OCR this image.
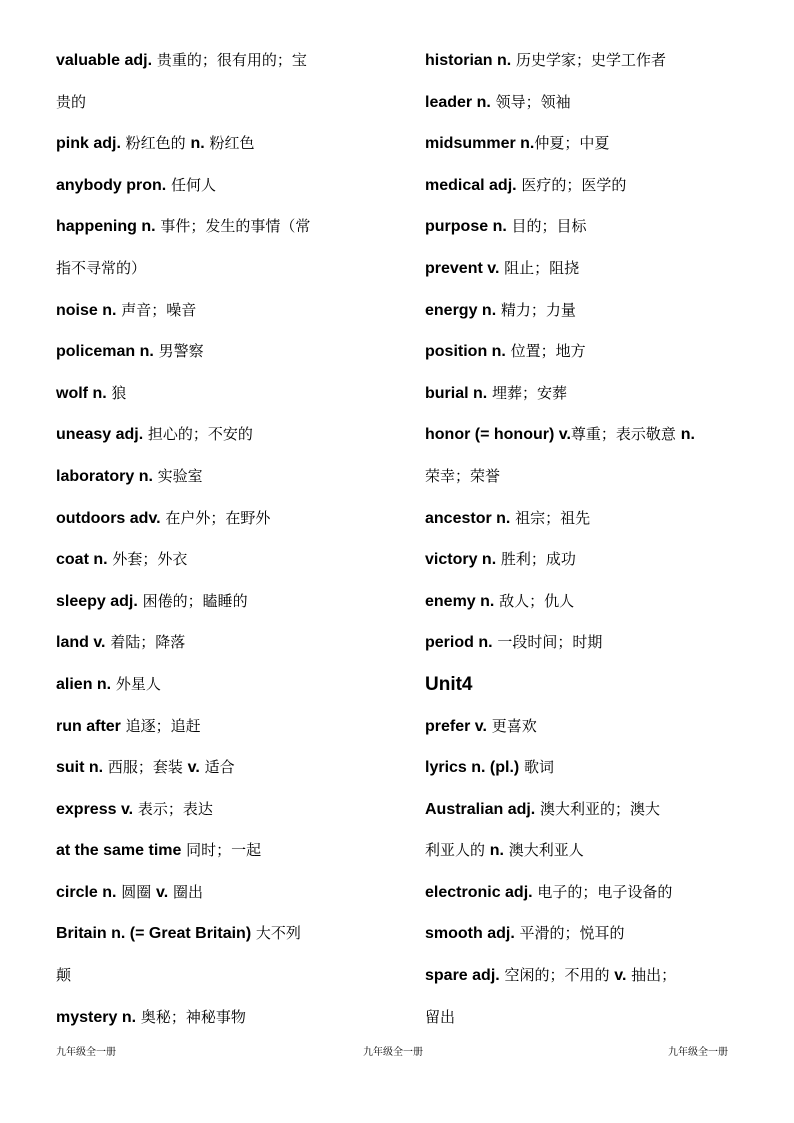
valuable adj. 贵重的；很有用的；宝
贵的
pink adj. 粉红色的 n. 粉红色
anybody pron. 任何人
happening n. 事件；发生的事情（常
指不寻常的）
noise n. 声音；噪音
policeman n. 男警察
wolf n. 狼
uneasy adj. 担心的；不安的
laboratory n. 实验室
outdoors adv. 在户外；在野外
coat n. 外套；外衣
sleepy adj. 困倦的；瞌睡的
land v. 着陆；降落
alien n. 外星人
run after 追逐；追赶
suit n. 西服；套装 v. 适合
express v. 表示；表达
at the same time 同时；一起
circle n. 圆圈 v. 圈出
Britain n. (= Great Britain) 大不列
颠
mystery n. 奥秘；神秘事物
historian n. 历史学家；史学工作者
leader n. 领导；领袖
midsummer n.仲夏；中夏
medical adj. 医疗的；医学的
purpose n. 目的；目标
prevent v. 阻止；阻挠
energy n. 精力；力量
position n. 位置；地方
burial n. 埋葬；安葬
honor (= honour) v.尊重；表示敬意 n.
荣幸；荣誉
ancestor n. 祖宗；祖先
victory n. 胜利；成功
enemy n. 敌人；仇人
period n. 一段时间；时期
Unit4
prefer v. 更喜欢
lyrics n. (pl.) 歌词
Australian adj. 澳大利亚的；澳大
利亚人的 n. 澳大利亚人
electronic adj. 电子的；电子设备的
smooth adj. 平滑的；悦耳的
spare adj. 空闲的；不用的 v. 抽出；
留出
九年级全一册	九年级全一册	九年级全一册
